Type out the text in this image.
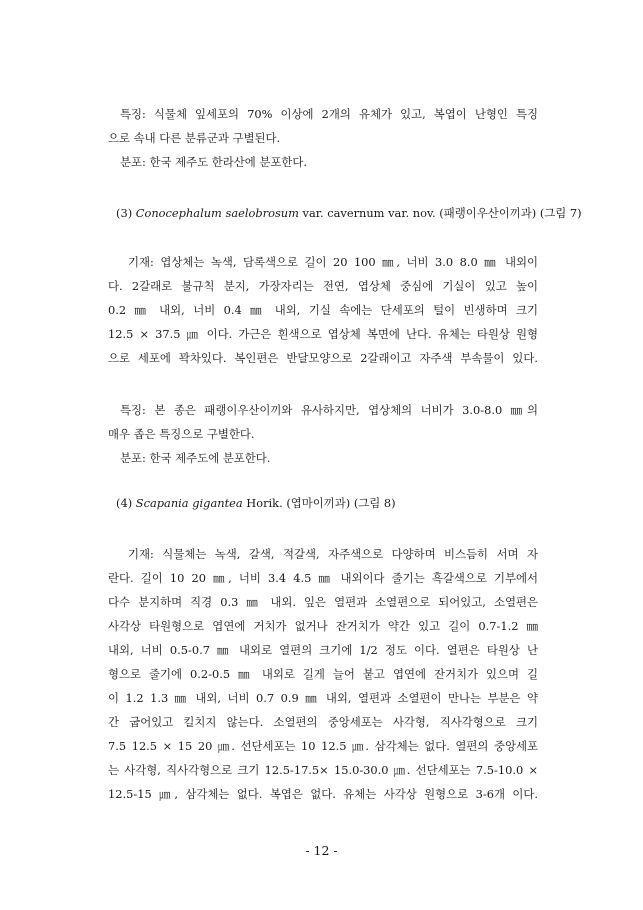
특징: 식물체 잎세포의 70% 이상에 2개의 유체가 있고, 복엽이 난형인 특징
으로 속내 다른 분류군과 구별된다.
분포: 한국 제주도 한라산에 분포한다.
(3) Conocephalum saelobrosum var. cavernum var. nov. (패랭이우산이끼과) (그림 7)
기재: 엽상체는 녹색, 담록색으로 길이 20 100 ㎜, 너비 3.0 8.0 ㎜ 내외이
다. 2갈래로 불규칙 분지, 가장자리는 전연, 엽상체 중심에 기실이 있고 높이
0.2 ㎜ 내외, 너비 0.4 ㎜ 내외, 기실 속에는 단세포의 털이 빈생하며 크기
12.5 × 37.5 ㎛ 이다. 가근은 흰색으로 엽상체 복면에 난다. 유체는 타원상 원형
으로 세포에 꽉차있다. 복인편은 반달모양으로 2갈래이고 자주색 부속물이 있다.
특징: 본 종은 패랭이우산이끼와 유사하지만, 엽상체의 너비가 3.0-8.0 ㎜의
매우 좁은 특징으로 구별한다.
분포: 한국 제주도에 분포한다.
(4) Scapania gigantea Horik. (엽마이끼과) (그림 8)
기재: 식물체는 녹색, 갈색, 적갈색, 자주색으로 다양하며 비스듬히 서며 자
란다. 길이 10 20 ㎜, 너비 3.4 4.5 ㎜ 내외이다 줄기는 흑갈색으로 기부에서
다수 분지하며 직경 0.3 ㎜ 내외. 잎은 열편과 소열편으로 되어있고, 소열편은
사각상 타원형으로 엽연에 거치가 없거나 잔거치가 약간 있고 길이 0.7-1.2 ㎜
내외, 너비 0.5-0.7 ㎜ 내외로 열편의 크기에 1/2 정도 이다. 열편은 타원상 난
형으로 줄기에 0.2-0.5 ㎜ 내외로 길게 늘어 붙고 엽연에 잔거치가 있으며 길
이 1.2 1.3 ㎜ 내외, 너비 0.7 0.9 ㎜ 내외, 열편과 소열편이 만나는 부분은 약
간 굽어있고 킬치지 않는다. 소열편의 중앙세포는 사각형, 직사각형으로 크기
7.5 12.5 × 15 20 ㎛. 선단세포는 10 12.5 ㎛. 삼각체는 없다. 열편의 중앙세포
는 사각형, 직사각형으로 크기 12.5-17.5× 15.0-30.0 ㎛. 선단세포는 7.5-10.0 ×
12.5-15 ㎛, 삼각체는 없다. 복엽은 없다. 유체는 사각상 원형으로 3-6개 이다.
- 12 -
